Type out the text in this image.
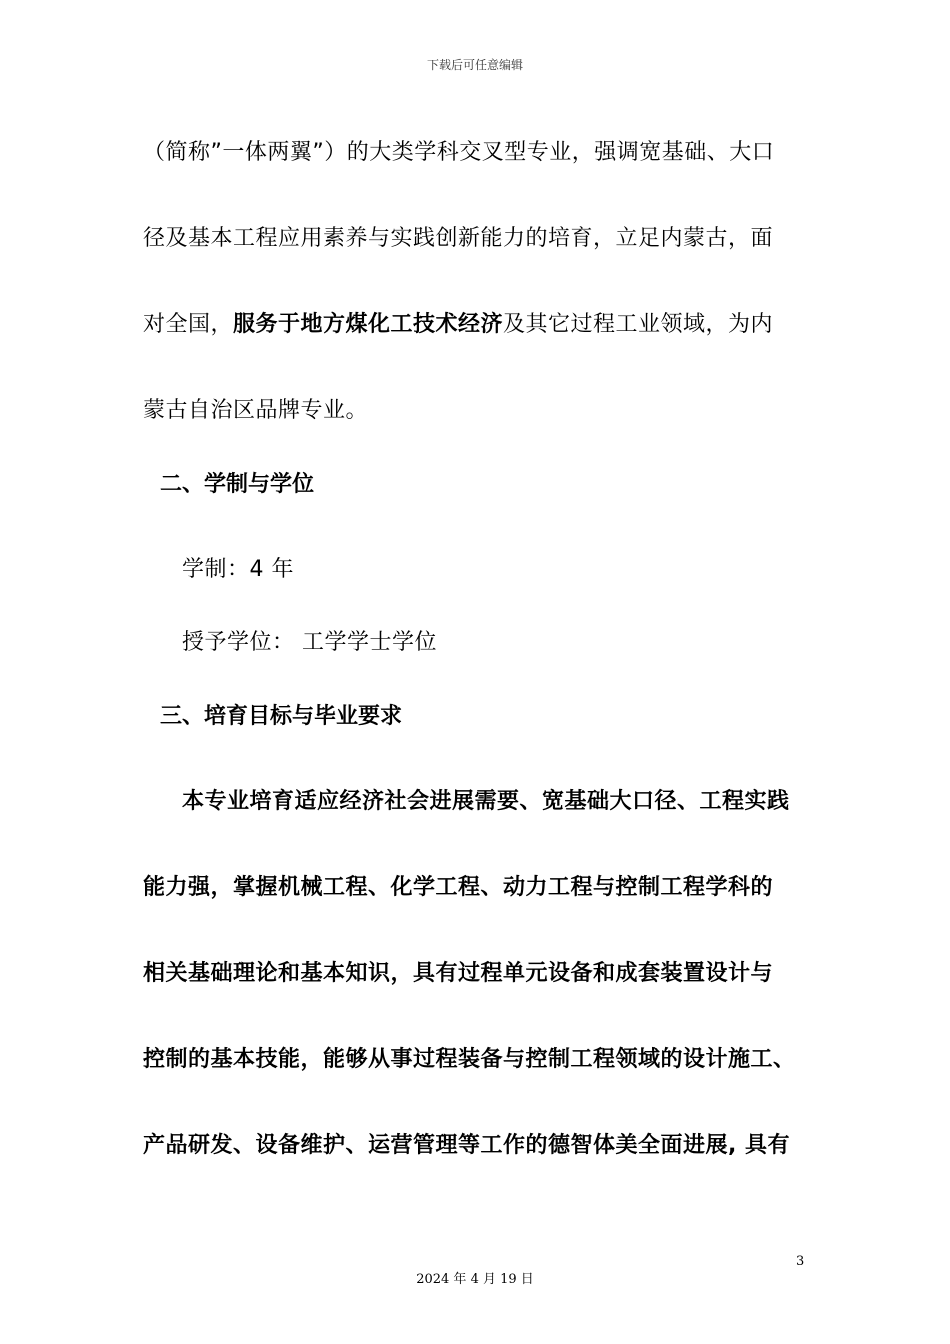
下载后可任意编辑
（简称”一体两翼”）的大类学科交叉型专业，强调宽基础、大口
径及基本工程应用素养与实践创新能力的培育，立足内蒙古，面
对全国，服务于地方煤化工技术经济及其它过程工业领域，为内
蒙古自治区品牌专业。
二、学制与学位
学制：4 年
授予学位： 工学学士学位
三、培育目标与毕业要求
本专业培育适应经济社会进展需要、宽基础大口径、工程实践
能力强，掌握机械工程、化学工程、动力工程与控制工程学科的
相关基础理论和基本知识，具有过程单元设备和成套装置设计与
控制的基本技能，能够从事过程装备与控制工程领域的设计施工、
产品研发、设备维护、运营管理等工作的德智体美全面进展, 具有
3
2024 年 4 月 19 日
